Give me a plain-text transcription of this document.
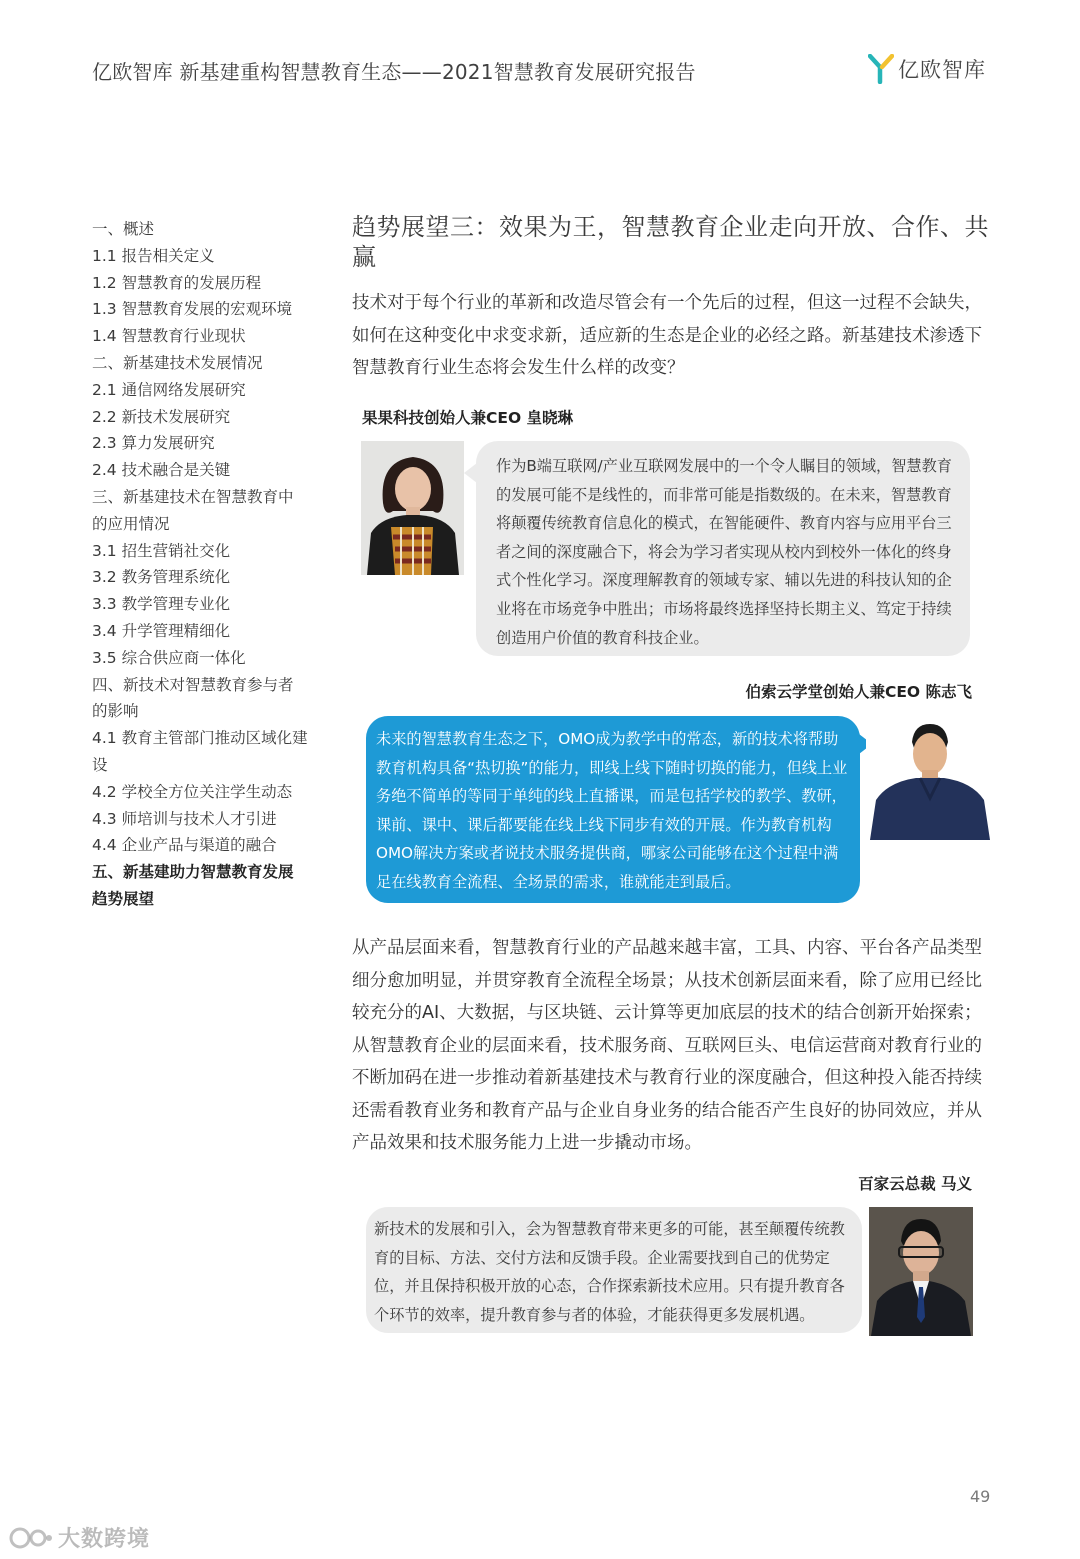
亿欧智库 新基建重构智慧教育生态——2021智慧教育发展研究报告	亿欧智库
一、概述
1.1 报告相关定义
1.2 智慧教育的发展历程
1.3 智慧教育发展的宏观环境
1.4 智慧教育行业现状
二、新基建技术发展情况
2.1 通信网络发展研究
2.2 新技术发展研究
2.3 算力发展研究
2.4 技术融合是关键
三、新基建技术在智慧教育中
的应用情况
3.1 招生营销社交化
3.2 教务管理系统化
3.3 教学管理专业化
3.4 升学管理精细化
3.5 综合供应商一体化
四、新技术对智慧教育参与者
的影响
4.1 教育主管部门推动区域化建
设
4.2 学校全方位关注学生动态
4.3 师培训与技术人才引进
4.4 企业产品与渠道的融合
五、新基建助力智慧教育发展
趋势展望
趋势展望三：效果为王，智慧教育企业走向开放、合作、共赢
技术对于每个行业的革新和改造尽管会有一个先后的过程，但这一过程不会缺失，如何在这种变化中求变求新，适应新的生态是企业的必经之路。新基建技术渗透下智慧教育行业生态将会发生什么样的改变？
果果科技创始人兼CEO 皇晓琳
作为B端互联网/产业互联网发展中的一个令人瞩目的领域，智慧教育的发展可能不是线性的，而非常可能是指数级的。在未来，智慧教育将颠覆传统教育信息化的模式，在智能硬件、教育内容与应用平台三者之间的深度融合下，将会为学习者实现从校内到校外一体化的终身式个性化学习。深度理解教育的领域专家、辅以先进的科技认知的企业将在市场竞争中胜出；市场将最终选择坚持长期主义、笃定于持续创造用户价值的教育科技企业。
伯索云学堂创始人兼CEO 陈志飞
未来的智慧教育生态之下，OMO成为教学中的常态，新的技术将帮助教育机构具备“热切换”的能力，即线上线下随时切换的能力，但线上业务绝不简单的等同于单纯的线上直播课，而是包括学校的教学、教研，课前、课中、课后都要能在线上线下同步有效的开展。作为教育机构OMO解决方案或者说技术服务提供商，哪家公司能够在这个过程中满足在线教育全流程、全场景的需求，谁就能走到最后。
从产品层面来看，智慧教育行业的产品越来越丰富，工具、内容、平台各产品类型细分愈加明显，并贯穿教育全流程全场景；从技术创新层面来看，除了应用已经比较充分的AI、大数据，与区块链、云计算等更加底层的技术的结合创新开始探索；从智慧教育企业的层面来看，技术服务商、互联网巨头、电信运营商对教育行业的不断加码在进一步推动着新基建技术与教育行业的深度融合，但这种投入能否持续还需看教育业务和教育产品与企业自身业务的结合能否产生良好的协同效应，并从产品效果和技术服务能力上进一步撬动市场。
百家云总裁 马义
新技术的发展和引入，会为智慧教育带来更多的可能，甚至颠覆传统教育的目标、方法、交付方法和反馈手段。企业需要找到自己的优势定位，并且保持积极开放的心态，合作探索新技术应用。只有提升教育各个环节的效率，提升教育参与者的体验，才能获得更多发展机遇。
49
大数跨境
